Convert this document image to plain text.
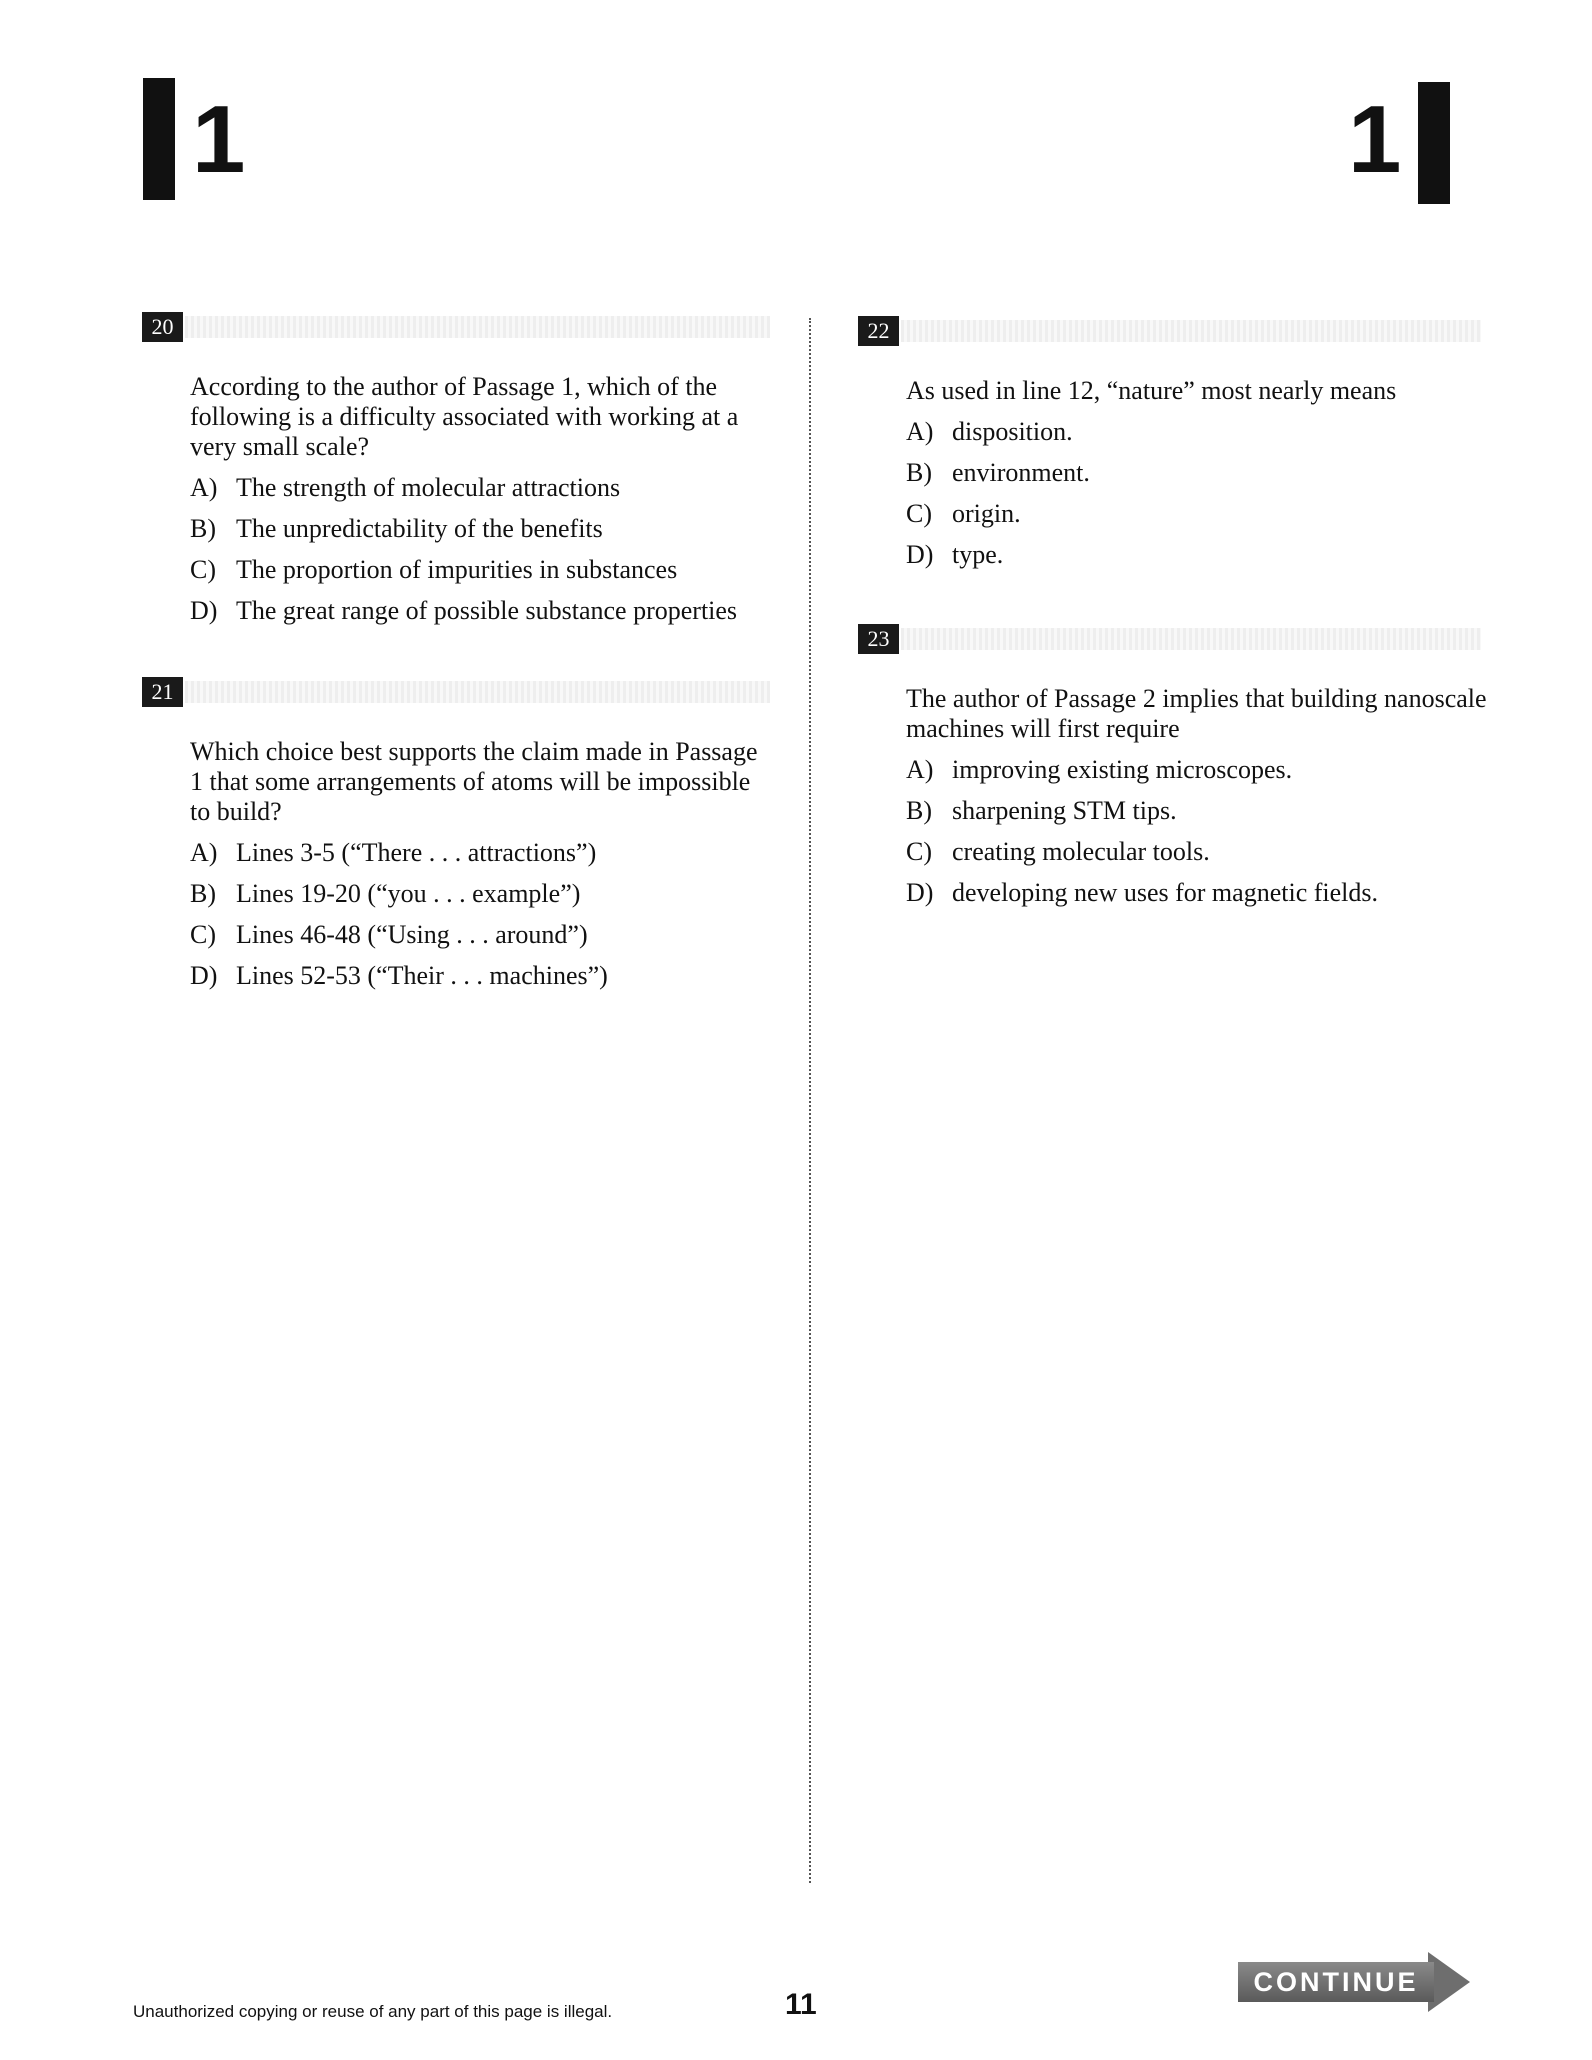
1	1
20

According to the author of Passage 1, which of the following is a difficulty associated with working at a very small scale?

A) The strength of molecular attractions
B) The unpredictability of the benefits
C) The proportion of impurities in substances
D) The great range of possible substance properties
21

Which choice best supports the claim made in Passage 1 that some arrangements of atoms will be impossible to build?

A) Lines 3-5 (“There . . . attractions”)
B) Lines 19-20 (“you . . . example”)
C) Lines 46-48 (“Using . . . around”)
D) Lines 52-53 (“Their . . . machines”)
22

As used in line 12, “nature” most nearly means

A) disposition.
B) environment.
C) origin.
D) type.
23

The author of Passage 2 implies that building nanoscale machines will first require

A) improving existing microscopes.
B) sharpening STM tips.
C) creating molecular tools.
D) developing new uses for magnetic fields.
Unauthorized copying or reuse of any part of this page is illegal.	11
CONTINUE
